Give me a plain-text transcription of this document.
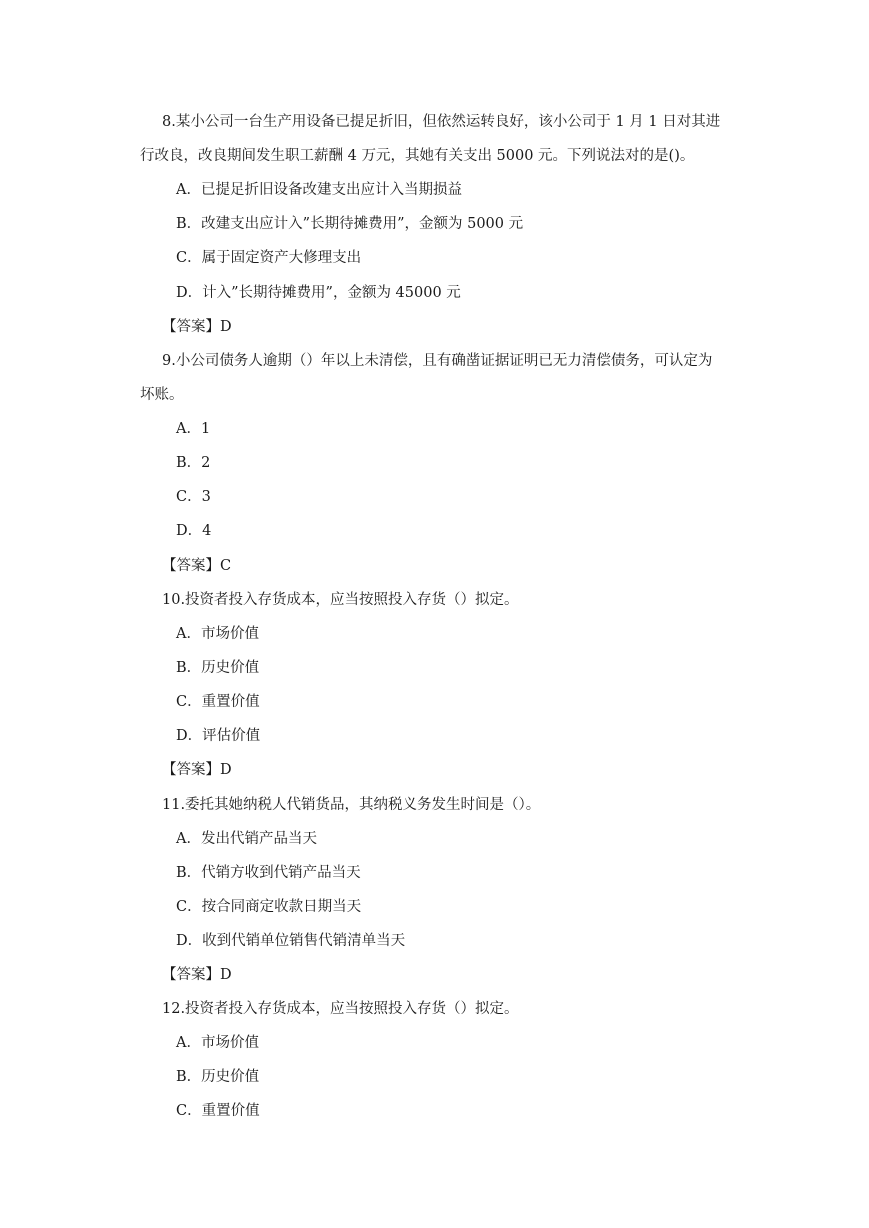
8.某小公司一台生产用设备已提足折旧，但依然运转良好，该小公司于 1 月 1 日对其进
行改良，改良期间发生职工薪酬 4 万元，其她有关支出 5000 元。下列说法对的是()。
A．已提足折旧设备改建支出应计入当期损益
B．改建支出应计入”长期待摊费用”，金额为 5000 元
C．属于固定资产大修理支出
D．计入”长期待摊费用”，金额为 45000 元
【答案】D
9.小公司债务人逾期（）年以上未清偿，且有确凿证据证明已无力清偿债务，可认定为
坏账。
A．1
B．2
C．3
D．4
【答案】C
10.投资者投入存货成本，应当按照投入存货（）拟定。
A．市场价值
B．历史价值
C．重置价值
D．评估价值
【答案】D
11.委托其她纳税人代销货品，其纳税义务发生时间是（）。
A．发出代销产品当天
B．代销方收到代销产品当天
C．按合同商定收款日期当天
D．收到代销单位销售代销清单当天
【答案】D
12.投资者投入存货成本，应当按照投入存货（）拟定。
A．市场价值
B．历史价值
C．重置价值
